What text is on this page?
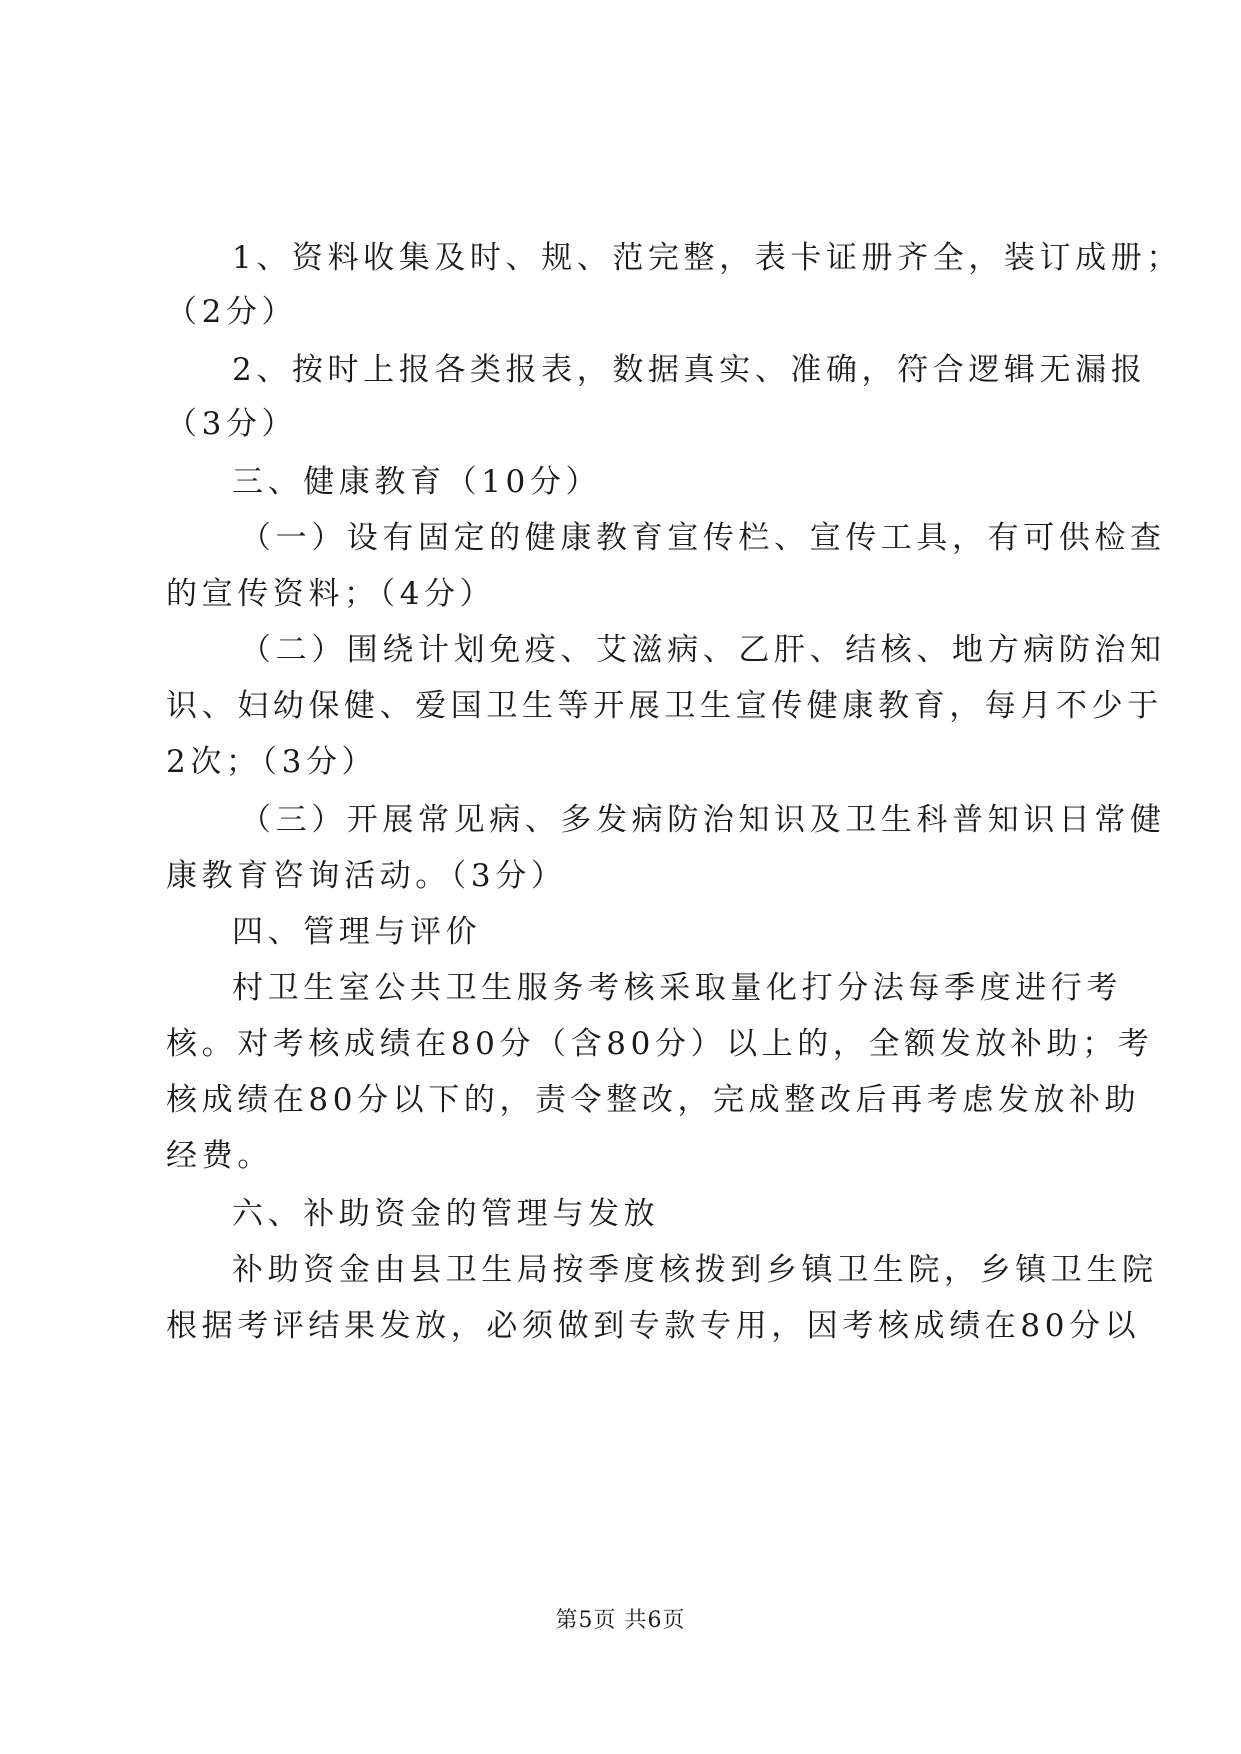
1、资料收集及时、规、范完整，表卡证册齐全，装订成册；
（2分）
2、按时上报各类报表，数据真实、准确，符合逻辑无漏报
（3分）
三、健康教育（10分）
（一）设有固定的健康教育宣传栏、宣传工具，有可供检查
的宣传资料；（4分）
（二）围绕计划免疫、艾滋病、乙肝、结核、地方病防治知
识、妇幼保健、爱国卫生等开展卫生宣传健康教育，每月不少于
2次；（3分）
（三）开展常见病、多发病防治知识及卫生科普知识日常健
康教育咨询活动。（3分）
四、管理与评价
村卫生室公共卫生服务考核采取量化打分法每季度进行考
核。对考核成绩在80分（含80分）以上的，全额发放补助；考
核成绩在80分以下的，责令整改，完成整改后再考虑发放补助
经费。
六、补助资金的管理与发放
补助资金由县卫生局按季度核拨到乡镇卫生院，乡镇卫生院
根据考评结果发放，必须做到专款专用，因考核成绩在80分以
第5页 共6页
